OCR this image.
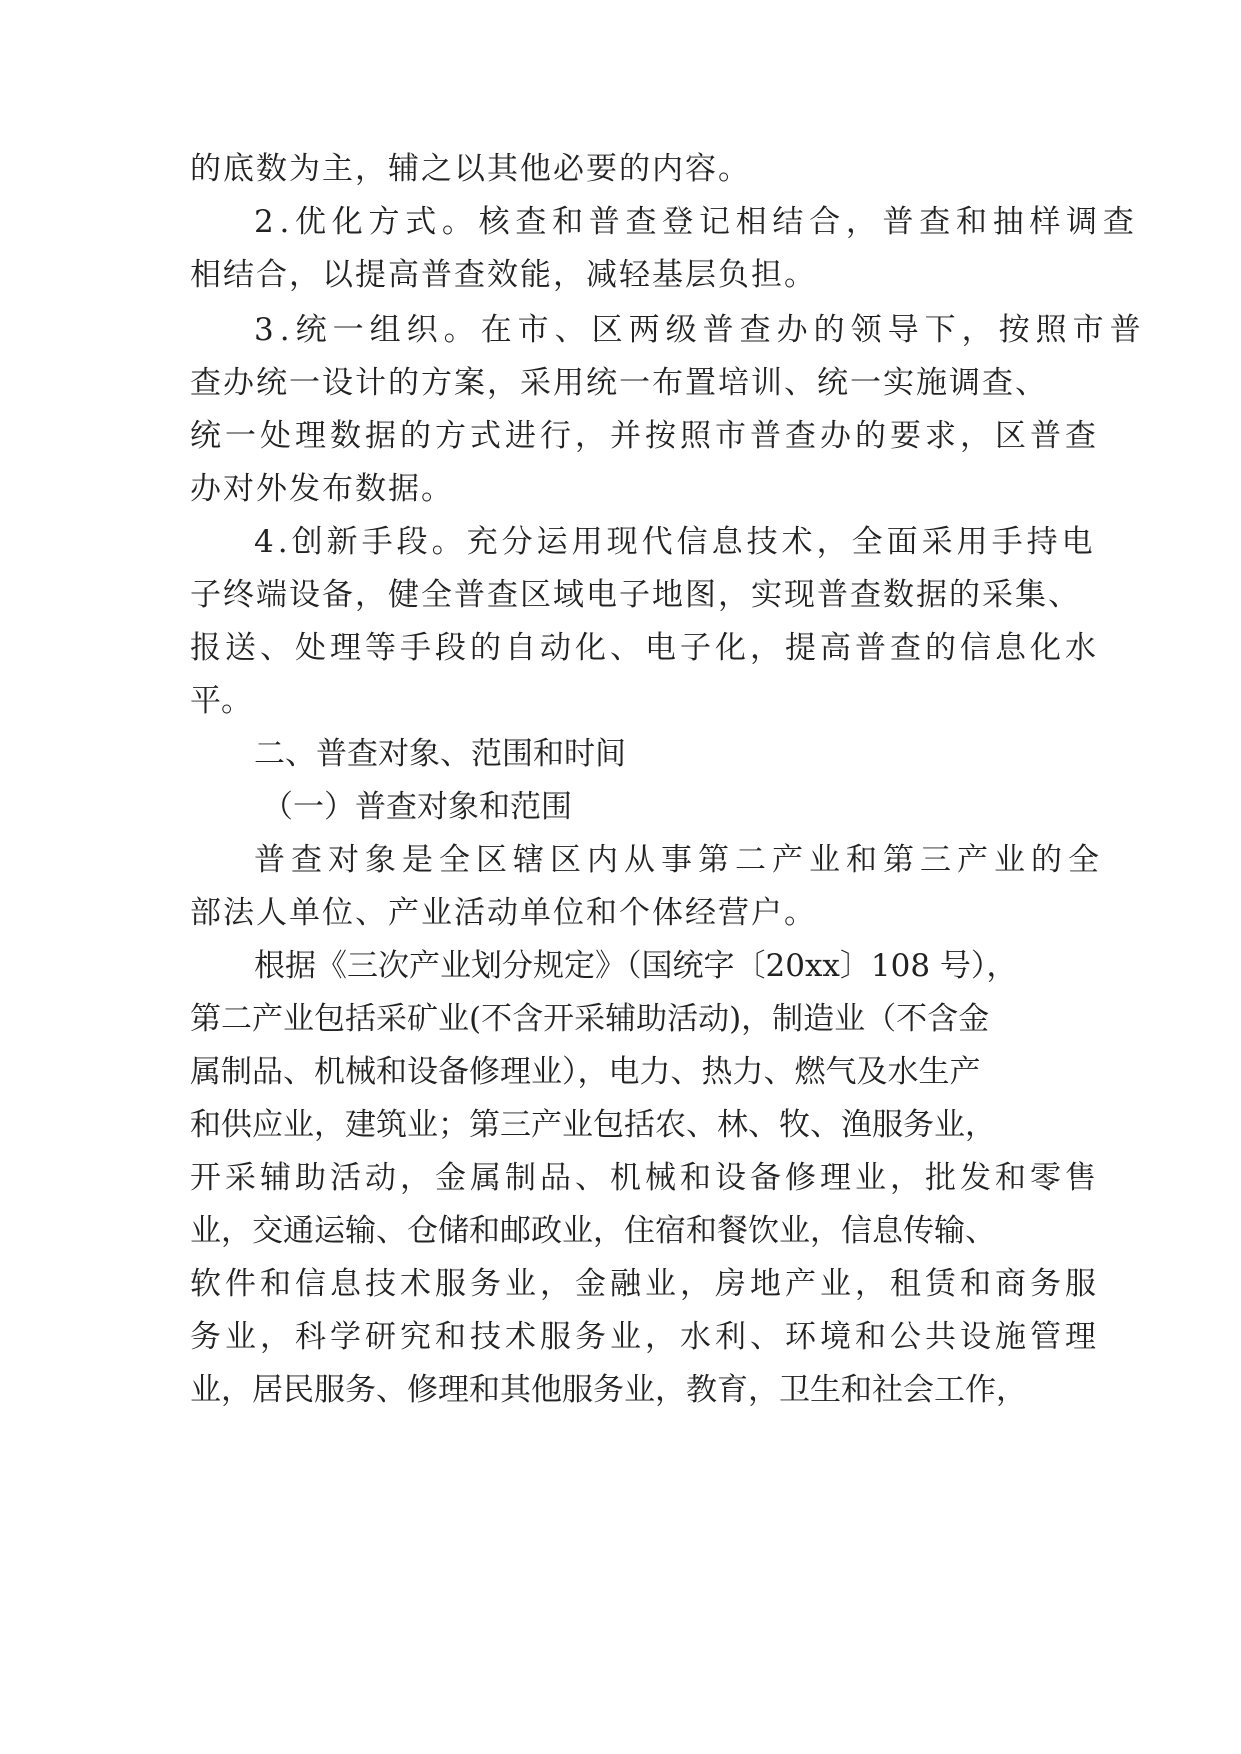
的底数为主，辅之以其他必要的内容。
2 . 优 化 方 式 。 核 查 和 普 查 登 记 相 结 合 ， 普 查 和 抽 样 调 查
相结合，以提高普查效能，减轻基层负担。
3.统一组织。在市、区两级普查办的领导下，按照市普
查办统一设计的方案，采用统一布置培训、统一实施调查、
统一处理数据的方式进行，并按照市普查办的要求，区普查
办对外发布数据。
4.创新手段。充分运用现代信息技术，全面采用手持电
子终端设备，健全普查区域电子地图，实现普查数据的采集、
报送、处理等手段的自动化、电子化，提高普查的信息化水
平。
二、普查对象、范围和时间
（一）普查对象和范围
普查对象是全区辖区内从事第二产业和第三产业的全
部法人单位、产业活动单位和个体经营户。
根据《三次产业划分规定》（国统字〔20xx〕108 号），
第二产业包括采矿业(不含开采辅助活动)，制造业（不含金
属制品、机械和设备修理业），电力、热力、燃气及水生产
和供应业，建筑业；第三产业包括农、林、牧、渔服务业，
开采辅助活动，金属制品、机械和设备修理业，批发和零售
业，交通运输、仓储和邮政业，住宿和餐饮业，信息传输、
软件和信息技术服务业，金融业，房地产业，租赁和商务服
务业，科学研究和技术服务业，水利、环境和公共设施管理
业，居民服务、修理和其他服务业，教育，卫生和社会工作，
